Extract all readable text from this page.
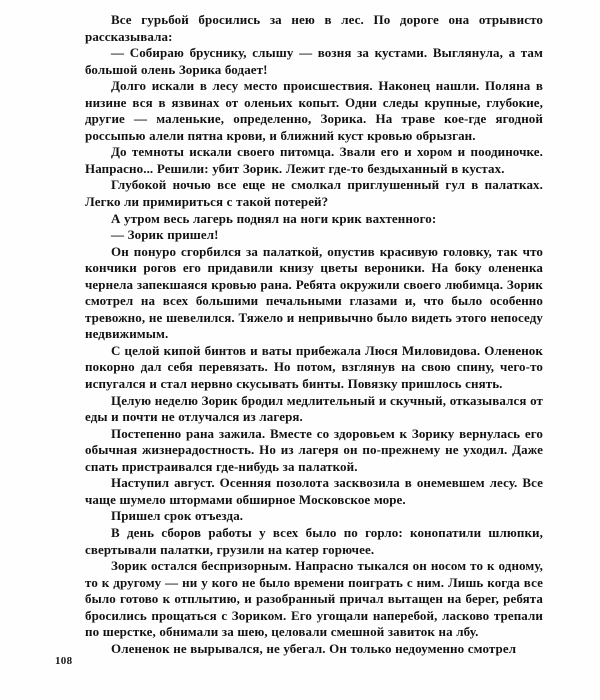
Все гурьбой бросились за нею в лес. По дороге она отрывисто рассказывала:

— Собираю бруснику, слышу — возня за кустами. Выглянула, а там большой олень Зорика бодает!

Долго искали в лесу место происшествия. Наконец нашли. Поляна в низине вся в язвинах от оленьих копыт. Одни следы крупные, глубокие, другие — маленькие, определенно, Зорика. На траве кое-где ягодной россыпью алели пятна крови, и ближний куст кровью обрызган.

До темноты искали своего питомца. Звали его и хором и поодиночке. Напрасно... Решили: убит Зорик. Лежит где-то бездыханный в кустах.

Глубокой ночью все еще не смолкал приглушенный гул в палатках. Легко ли примириться с такой потерей?

А утром весь лагерь поднял на ноги крик вахтенного:

— Зорик пришел!

Он понуро сгорбился за палаткой, опустив красивую головку, так что кончики рогов его придавили книзу цветы вероники. На боку олененка чернела запекшаяся кровью рана. Ребята окружили своего любимца. Зорик смотрел на всех большими печальными глазами и, что было особенно тревожно, не шевелился. Тяжело и непривычно было видеть этого непоседу недвижимым.

С целой кипой бинтов и ваты прибежала Люся Миловидова. Олененок покорно дал себя перевязать. Но потом, взглянув на свою спину, чего-то испугался и стал нервно скусывать бинты. Повязку пришлось снять.

Целую неделю Зорик бродил медлительный и скучный, отказывался от еды и почти не отлучался из лагеря.

Постепенно рана зажила. Вместе со здоровьем к Зорику вернулась его обычная жизнерадостность. Но из лагеря он по-прежнему не уходил. Даже спать пристраивался где-нибудь за палаткой.

Наступил август. Осенняя позолота засквозила в онемевшем лесу. Все чаще шумело штормами обширное Московское море.

Пришел срок отъезда.

В день сборов работы у всех было по горло: конопатили шлюпки, свертывали палатки, грузили на катер горючее.

Зорик остался беспризорным. Напрасно тыкался он носом то к одному, то к другому — ни у кого не было времени поиграть с ним. Лишь когда все было готово к отплытию, и разобранный причал вытащен на берег, ребята бросились прощаться с Зориком. Его угощали наперебой, ласково трепали по шерстке, обнимали за шею, целовали смешной завиток на лбу.

Олененок не вырывался, не убегал. Он только недоуменно смотрел

108
